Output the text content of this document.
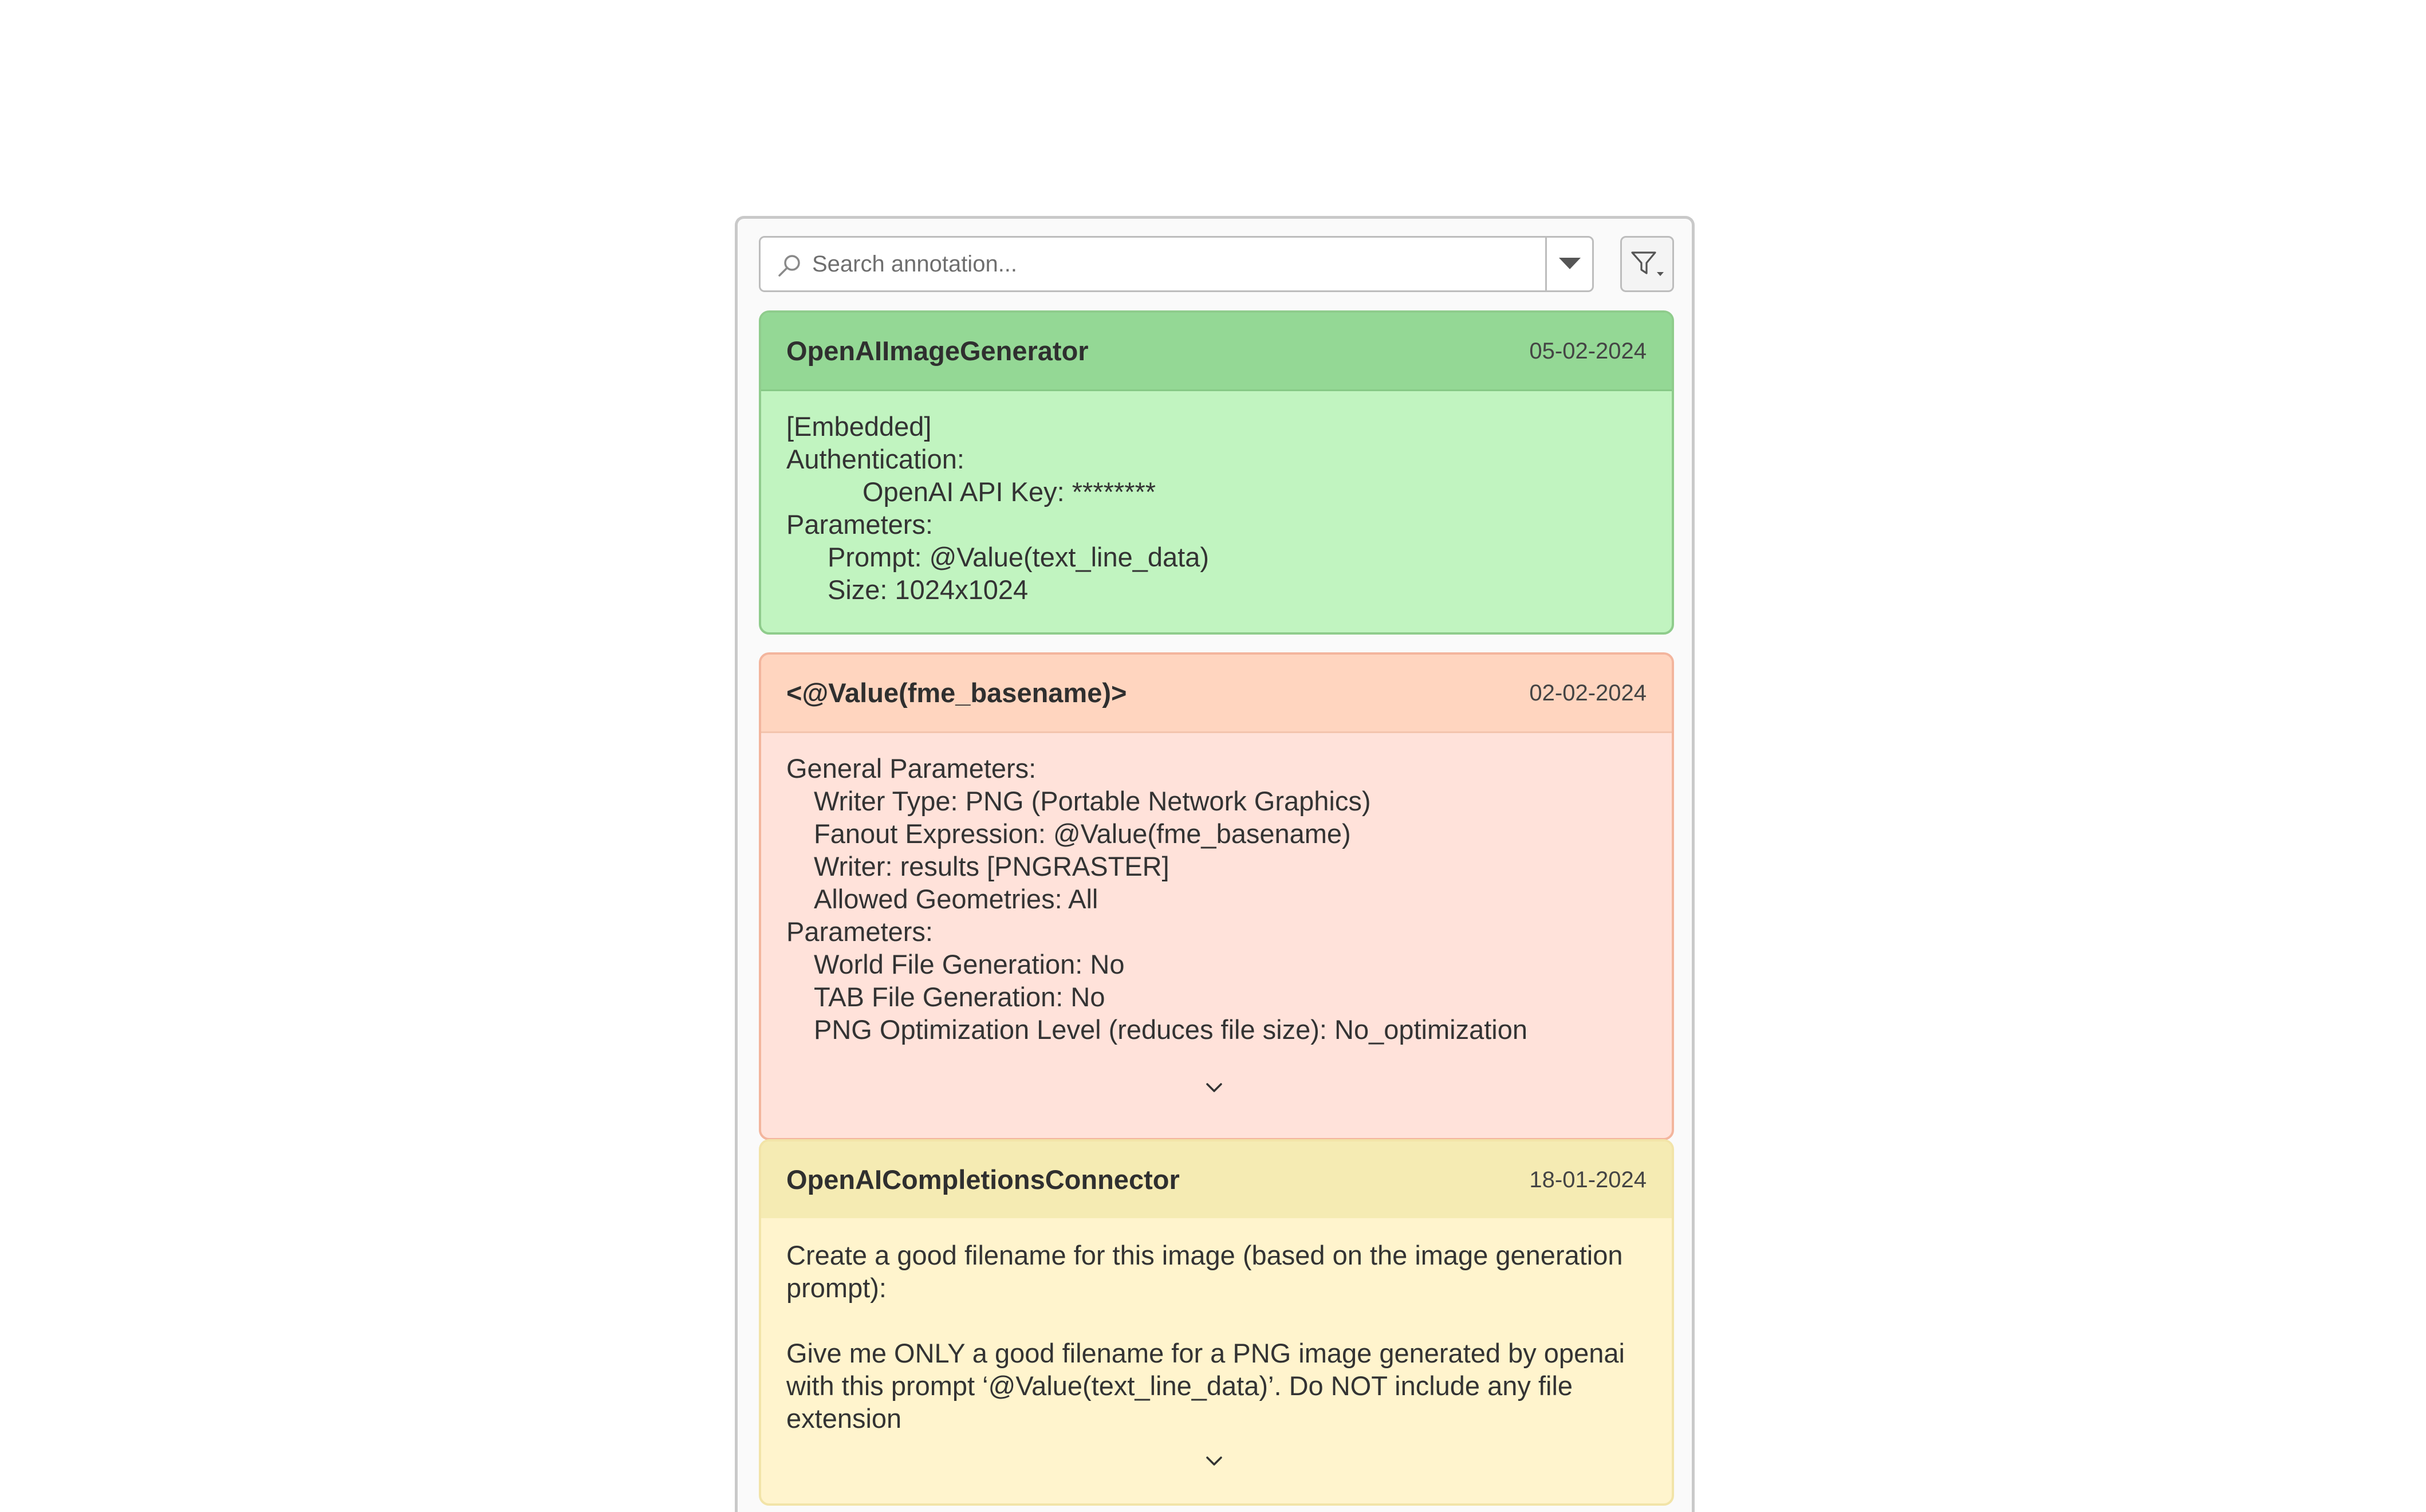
Search annotation...
OpenAIImageGenerator	05-02-2024
[Embedded]
Authentication:
OpenAI API Key: ********
Parameters:
Prompt: @Value(text_line_data)
Size: 1024x1024
<@Value(fme_basename)>	02-02-2024
General Parameters:
Writer Type: PNG (Portable Network Graphics)
Fanout Expression: @Value(fme_basename)
Writer: results [PNGRASTER]
Allowed Geometries: All
Parameters:
World File Generation: No
TAB File Generation: No
PNG Optimization Level (reduces file size): No_optimization
OpenAICompletionsConnector	18-01-2024
Create a good filename for this image (based on the image generation prompt):
Give me ONLY a good filename for a PNG image generated by openai with this prompt ‘@Value(text_line_data)’. Do NOT include any file extension
